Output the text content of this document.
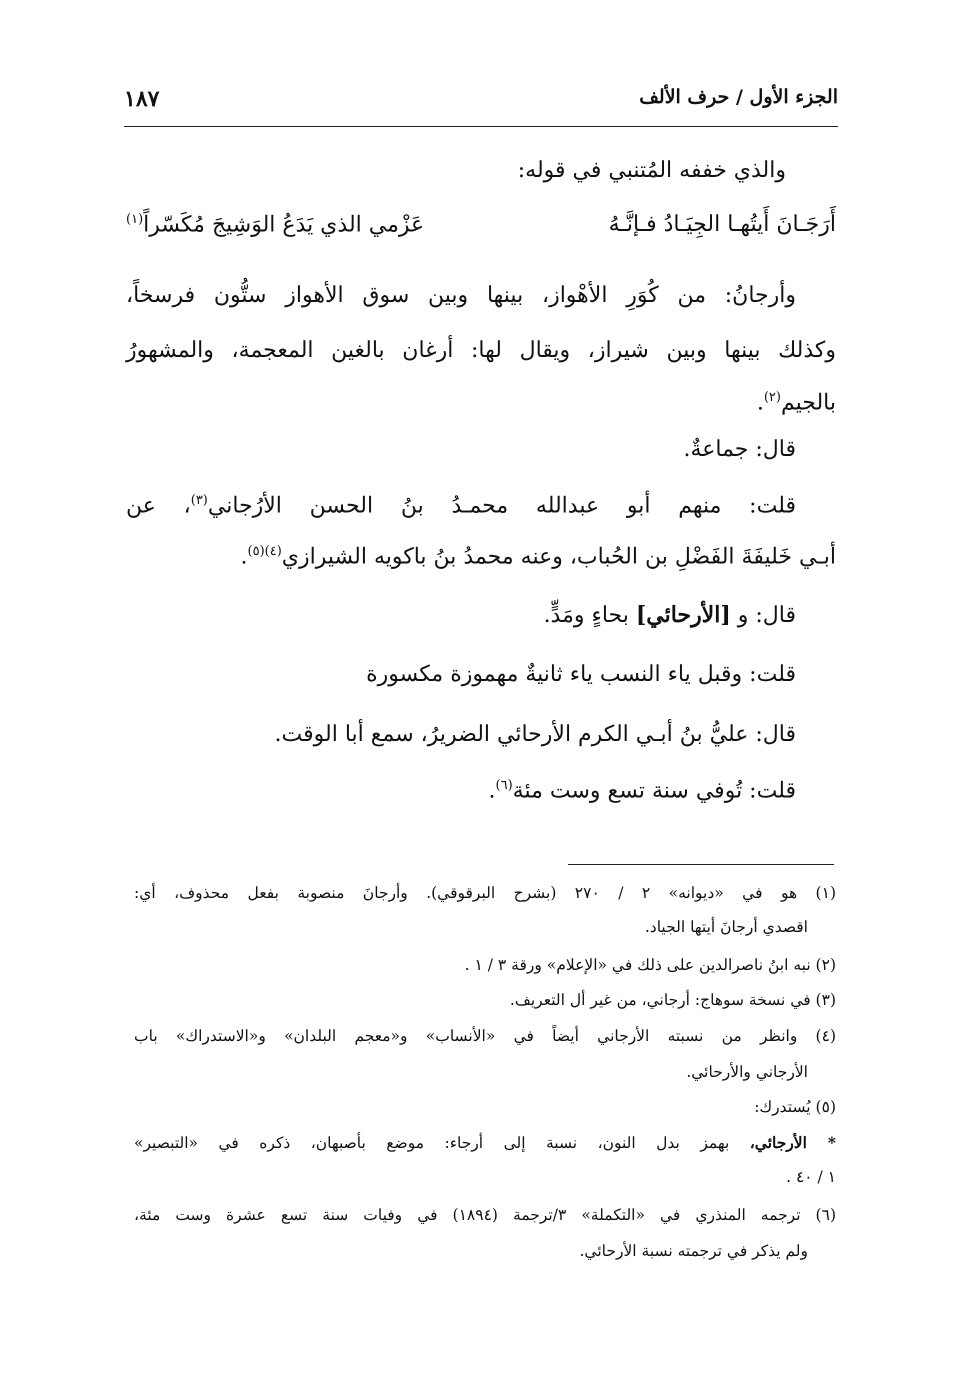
الجزء الأول / حرف الألف
١٨٧
والذي خففه المُتنبي في قوله:
أَرَجَـانَ أَيتُهـا الجِيَـادُ فـإنَّـهُ
عَزْمي الذي يَدَعُ الوَشِيجَ مُكَسّراً$^{(١)}$
وأرجانُ: من كُوَرِ الأهْواز، بينها وبين سوق الأهواز ستُّون فرسخاً،
وكذلك بينها وبين شيراز، ويقال لها: أرغان بالغين المعجمة، والمشهورُ
بالجيم$^{(٢)}$.
قال: جماعةٌ.
قلت: منهم أبو عبدالله محمـدُ بنُ الحسن الأرُجاني$^{(٣)}$، عن
أبـي خَليفَةَ الفَضْلِ بن الحُباب، وعنه محمدُ بنُ باكويه الشيرازي$^{(٤)(٥)}$.
قال: و [الأرحائي] بحاءٍ ومَدٍّ.
قلت: وقبل ياء النسب ياء ثانيةٌ مهموزة مكسورة
قال: عليُّ بنُ أبـي الكرم الأرحائي الضريرُ، سمع أبا الوقت.
قلت: تُوفي سنة تسع وست مئة$^{(٦)}$.
(١) هو في «ديوانه» ٢ / ٢٧٠ (بشرح البرقوقي). وأرجانَ منصوبة بفعل محذوف، أي:
اقصدي أرجانَ أيتها الجياد.
(٢) نبه ابنُ ناصرالدين على ذلك في «الإعلام» ورقة ٣ / ١ .
(٣) في نسخة سوهاج: أرجاني، من غير أل التعريف.
(٤) وانظر من نسبته الأرجاني أيضاً في «الأنساب» و«معجم البلدان» و«الاستدراك» باب
الأرجاني والأرحائي.
(٥) يُستدرك:
* الأرجائي، بهمز بدل النون، نسبة إلى أرجاء: موضع بأصبهان، ذكره في «التبصير»
١ / ٤٠ .
(٦) ترجمه المنذري في «التكملة» ٣/ترجمة (١٨٩٤) في وفيات سنة تسع عشرة وست مئة،
ولم يذكر في ترجمته نسبة الأرحائي.
